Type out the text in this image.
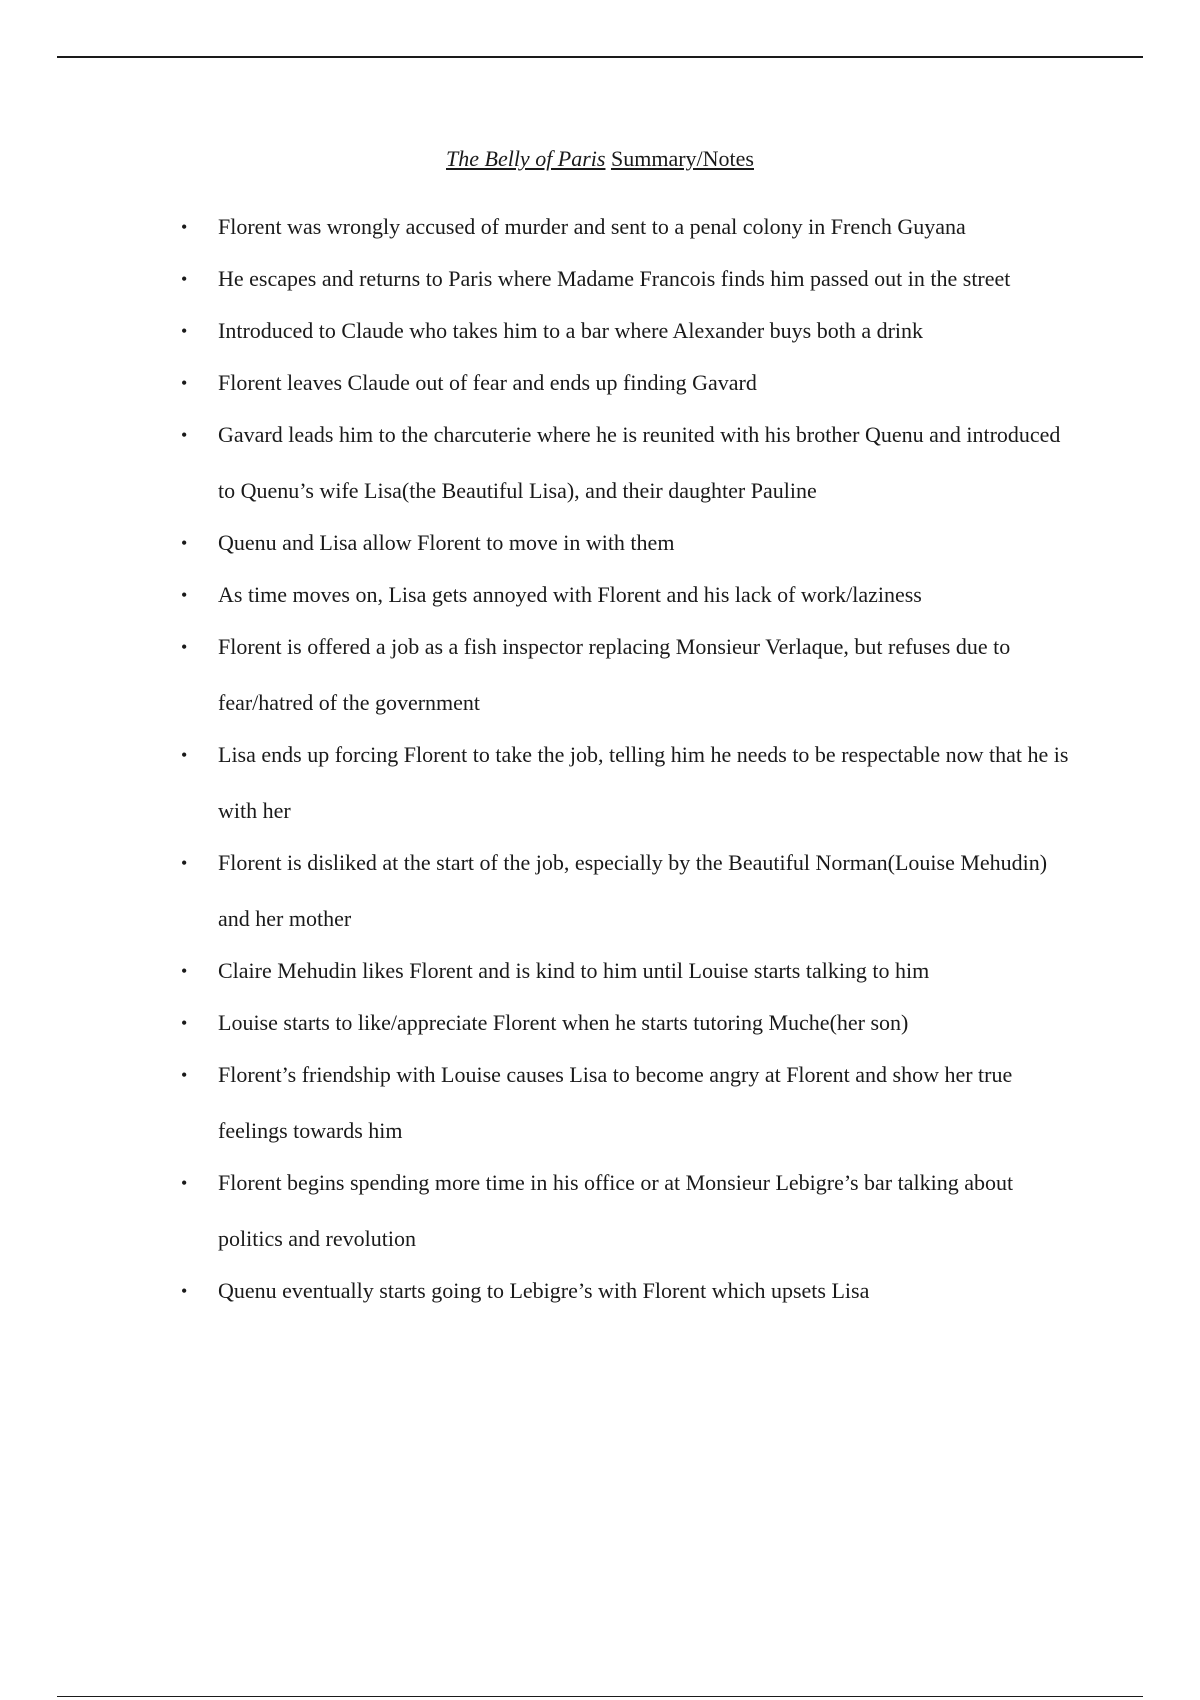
The Belly of Paris Summary/Notes
• Florent was wrongly accused of murder and sent to a penal colony in French Guyana
• He escapes and returns to Paris where Madame Francois finds him passed out in the street
• Introduced to Claude who takes him to a bar where Alexander buys both a drink
• Florent leaves Claude out of fear and ends up finding Gavard
• Gavard leads him to the charcuterie where he is reunited with his brother Quenu and introduced to Quenu’s wife Lisa(the Beautiful Lisa), and their daughter Pauline
• Quenu and Lisa allow Florent to move in with them
• As time moves on, Lisa gets annoyed with Florent and his lack of work/laziness
• Florent is offered a job as a fish inspector replacing Monsieur Verlaque, but refuses due to fear/hatred of the government
• Lisa ends up forcing Florent to take the job, telling him he needs to be respectable now that he is with her
• Florent is disliked at the start of the job, especially by the Beautiful Norman(Louise Mehudin) and her mother
• Claire Mehudin likes Florent and is kind to him until Louise starts talking to him
• Louise starts to like/appreciate Florent when he starts tutoring Muche(her son)
• Florent’s friendship with Louise causes Lisa to become angry at Florent and show her true feelings towards him
• Florent begins spending more time in his office or at Monsieur Lebigre’s bar talking about politics and revolution
• Quenu eventually starts going to Lebigre’s with Florent which upsets Lisa
